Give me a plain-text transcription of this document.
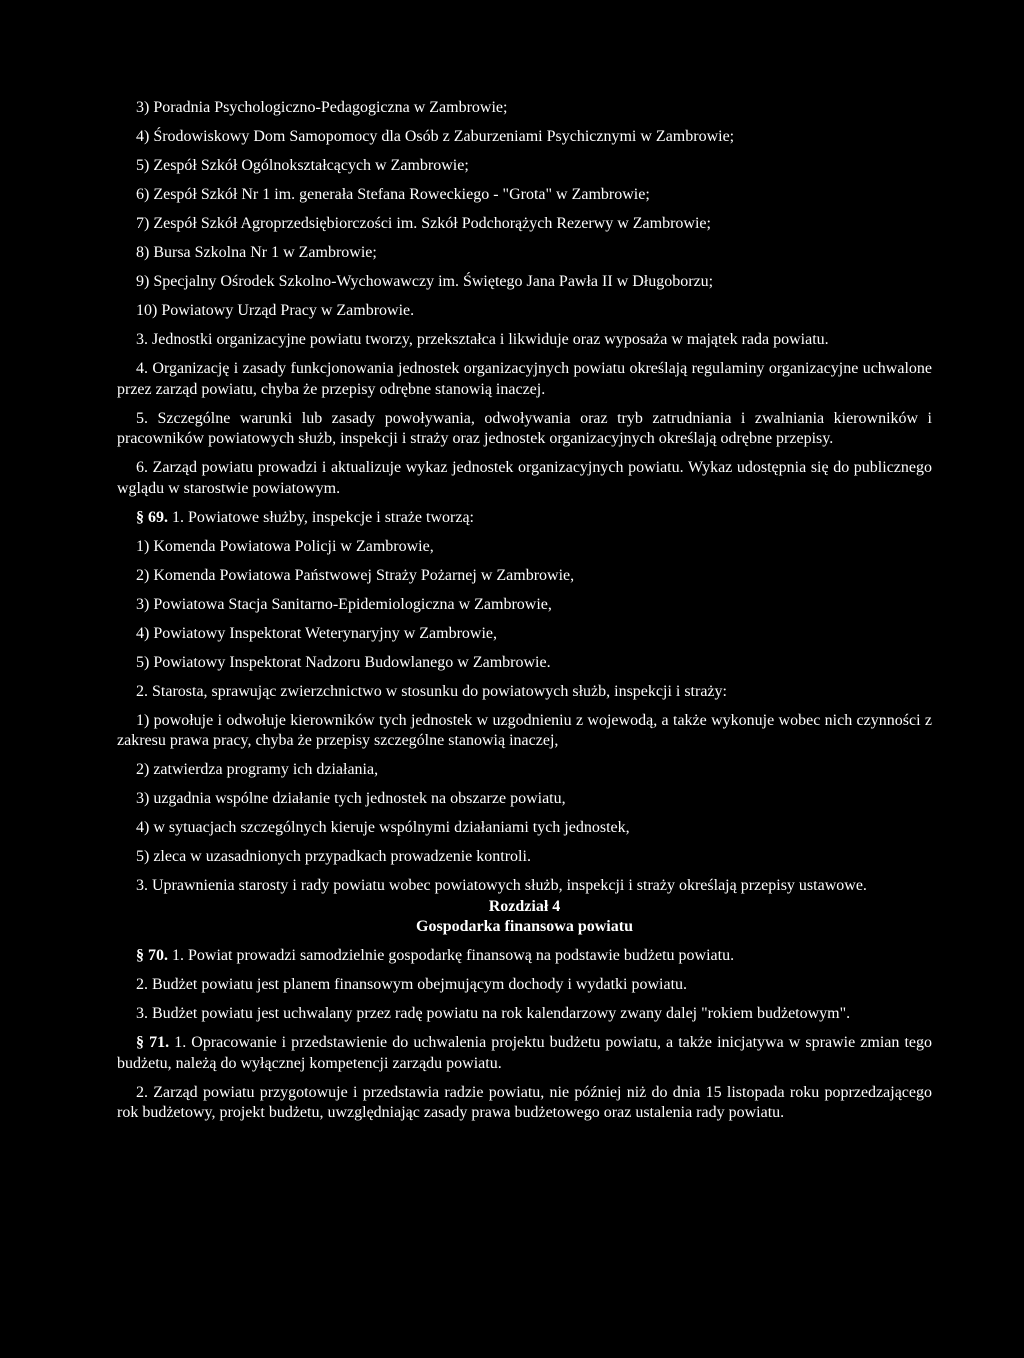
3) Poradnia Psychologiczno-Pedagogiczna w Zambrowie;

4) Środowiskowy Dom Samopomocy dla Osób z Zaburzeniami Psychicznymi w Zambrowie;

5) Zespół Szkół Ogólnokształcących w Zambrowie;

6) Zespół Szkół Nr 1 im. generała Stefana Roweckiego - "Grota" w Zambrowie;

7) Zespół Szkół Agroprzedsiębiorczości im. Szkół Podchorążych Rezerwy w Zambrowie;

8) Bursa Szkolna Nr 1 w Zambrowie;

9) Specjalny Ośrodek Szkolno-Wychowawczy im. Świętego Jana Pawła II w Długoborzu;

10) Powiatowy Urząd Pracy w Zambrowie.

3. Jednostki organizacyjne powiatu tworzy, przekształca i likwiduje oraz wyposaża w majątek rada powiatu.

4. Organizację i zasady funkcjonowania jednostek organizacyjnych powiatu określają regulaminy organizacyjne uchwalone przez zarząd powiatu, chyba że przepisy odrębne stanowią inaczej.

5. Szczególne warunki lub zasady powoływania, odwoływania oraz tryb zatrudniania i zwalniania kierowników i pracowników powiatowych służb, inspekcji i straży oraz jednostek organizacyjnych określają odrębne przepisy.

6. Zarząd powiatu prowadzi i aktualizuje wykaz jednostek organizacyjnych powiatu. Wykaz udostępnia się do publicznego wglądu w starostwie powiatowym.

§ 69. 1. Powiatowe służby, inspekcje i straże tworzą:

1) Komenda Powiatowa Policji w Zambrowie,

2) Komenda Powiatowa Państwowej Straży Pożarnej w Zambrowie,

3) Powiatowa Stacja Sanitarno-Epidemiologiczna w Zambrowie,

4) Powiatowy Inspektorat Weterynaryjny w Zambrowie,

5) Powiatowy Inspektorat Nadzoru Budowlanego w Zambrowie.

2. Starosta, sprawując zwierzchnictwo w stosunku do powiatowych służb, inspekcji i straży:

1) powołuje i odwołuje kierowników tych jednostek w uzgodnieniu z wojewodą, a także wykonuje wobec nich czynności z zakresu prawa pracy, chyba że przepisy szczególne stanowią inaczej,

2) zatwierdza programy ich działania,

3) uzgadnia wspólne działanie tych jednostek na obszarze powiatu,

4) w sytuacjach szczególnych kieruje wspólnymi działaniami tych jednostek,

5) zleca w uzasadnionych przypadkach prowadzenie kontroli.

3. Uprawnienia starosty i rady powiatu wobec powiatowych służb, inspekcji i straży określają przepisy ustawowe.

Rozdział 4

Gospodarka finansowa powiatu

§ 70. 1. Powiat prowadzi samodzielnie gospodarkę finansową na podstawie budżetu powiatu.

2. Budżet powiatu jest planem finansowym obejmującym dochody i wydatki powiatu.

3. Budżet powiatu jest uchwalany przez radę powiatu na rok kalendarzowy zwany dalej "rokiem budżetowym".

§ 71. 1. Opracowanie i przedstawienie do uchwalenia projektu budżetu powiatu, a także inicjatywa w sprawie zmian tego budżetu, należą do wyłącznej kompetencji zarządu powiatu.

2. Zarząd powiatu przygotowuje i przedstawia radzie powiatu, nie później niż do dnia 15 listopada roku poprzedzającego rok budżetowy, projekt budżetu, uwzględniając zasady prawa budżetowego oraz ustalenia rady powiatu.
